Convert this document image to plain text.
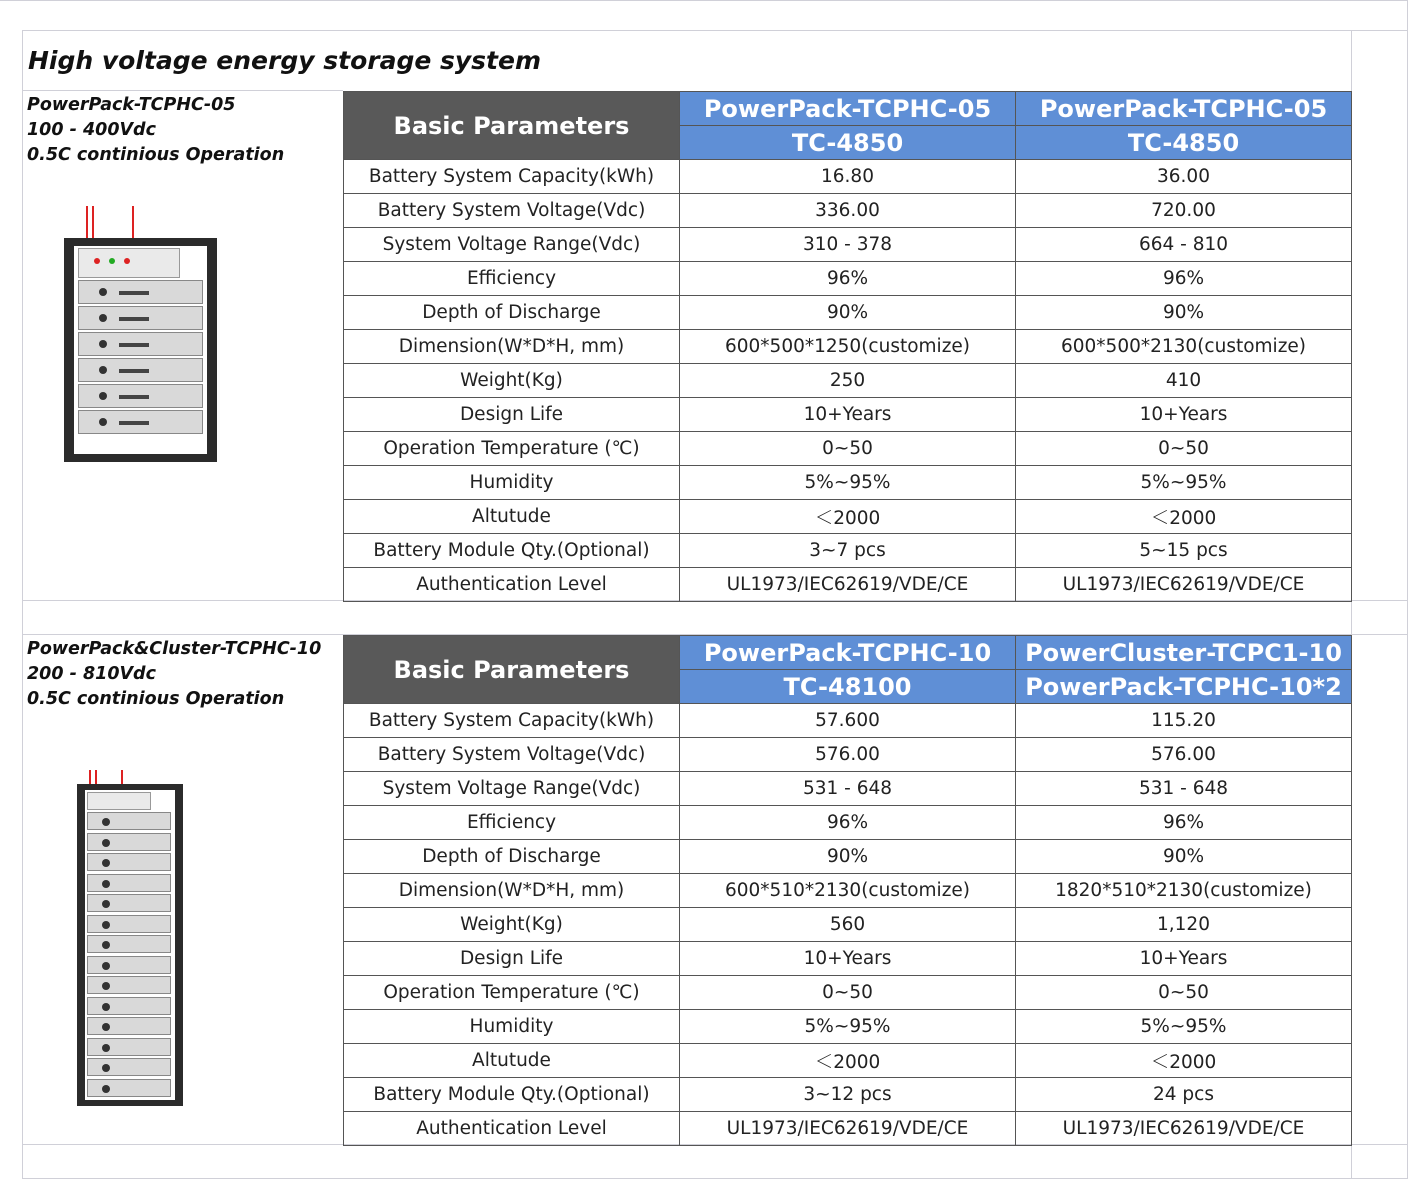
High voltage energy storage system
PowerPack-TCPHC-05
100 - 400Vdc
0.5C continious Operation
Basic Parameters	PowerPack-TCPHC-05	PowerPack-TCPHC-05
	TC-4850	TC-4850
Battery System Capacity(kWh)	16.80	36.00
Battery System Voltage(Vdc)	336.00	720.00
System Voltage Range(Vdc)	310 - 378	664 - 810
Efficiency	96%	96%
Depth of Discharge	90%	90%
Dimension(W*D*H, mm)	600*500*1250(customize)	600*500*2130(customize)
Weight(Kg)	250	410
Design Life	10+Years	10+Years
Operation Temperature (℃)	0~50	0~50
Humidity	5%~95%	5%~95%
Altutude	＜2000	＜2000
Battery Module Qty.(Optional)	3~7 pcs	5~15 pcs
Authentication Level	UL1973/IEC62619/VDE/CE	UL1973/IEC62619/VDE/CE
PowerPack&Cluster-TCPHC-10
200 - 810Vdc
0.5C continious Operation
Basic Parameters	PowerPack-TCPHC-10	PowerCluster-TCPC1-10
	TC-48100	PowerPack-TCPHC-10*2
Battery System Capacity(kWh)	57.600	115.20
Battery System Voltage(Vdc)	576.00	576.00
System Voltage Range(Vdc)	531 - 648	531 - 648
Efficiency	96%	96%
Depth of Discharge	90%	90%
Dimension(W*D*H, mm)	600*510*2130(customize)	1820*510*2130(customize)
Weight(Kg)	560	1,120
Design Life	10+Years	10+Years
Operation Temperature (℃)	0~50	0~50
Humidity	5%~95%	5%~95%
Altutude	＜2000	＜2000
Battery Module Qty.(Optional)	3~12 pcs	24 pcs
Authentication Level	UL1973/IEC62619/VDE/CE	UL1973/IEC62619/VDE/CE
